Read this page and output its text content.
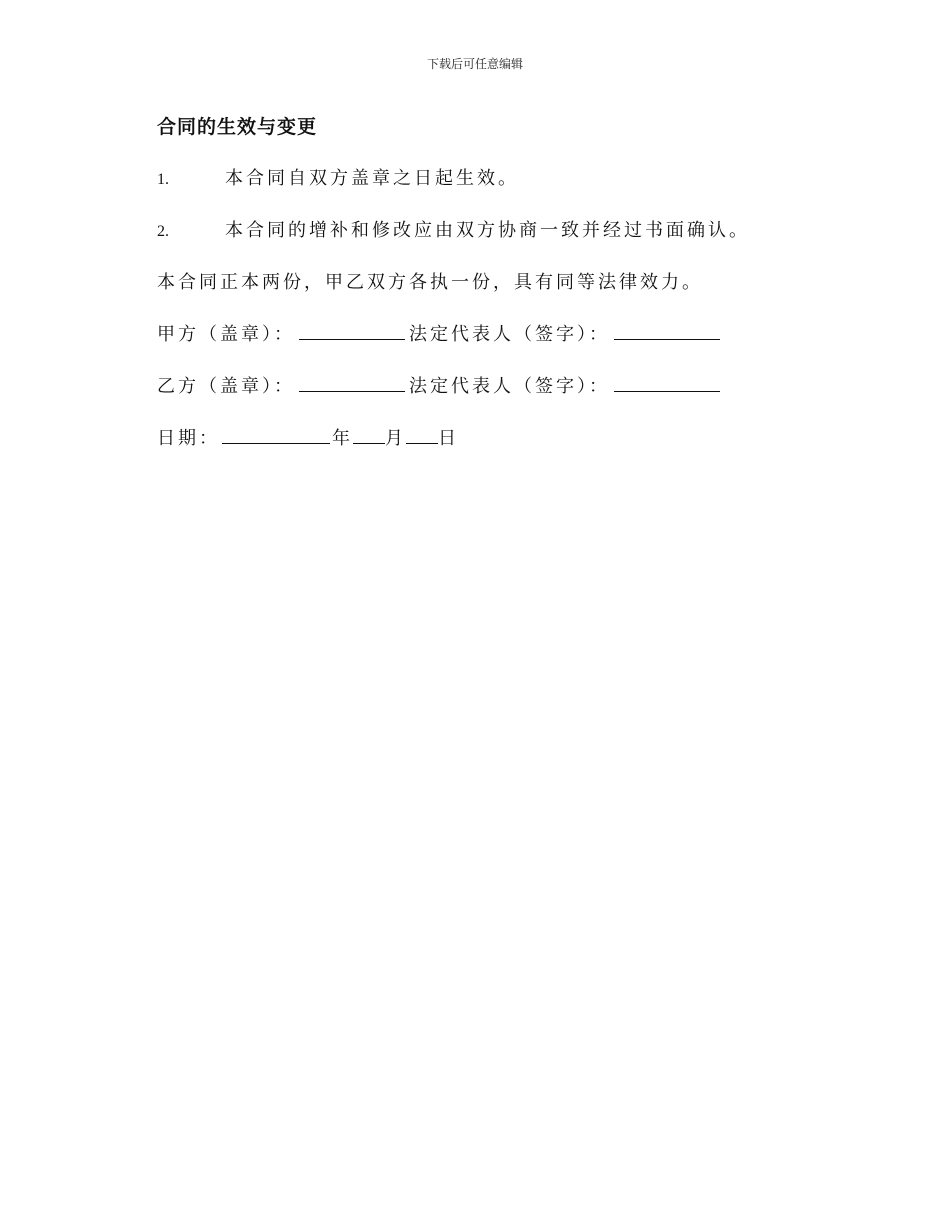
下载后可任意编辑
合同的生效与变更
1.	本合同自双方盖章之日起生效。
2.	本合同的增补和修改应由双方协商一致并经过书面确认。
本合同正本两份，甲乙双方各执一份，具有同等法律效力。
甲方（盖章）：	法定代表人（签字）：
乙方（盖章）：	法定代表人（签字）：
日期：	年 月 日
